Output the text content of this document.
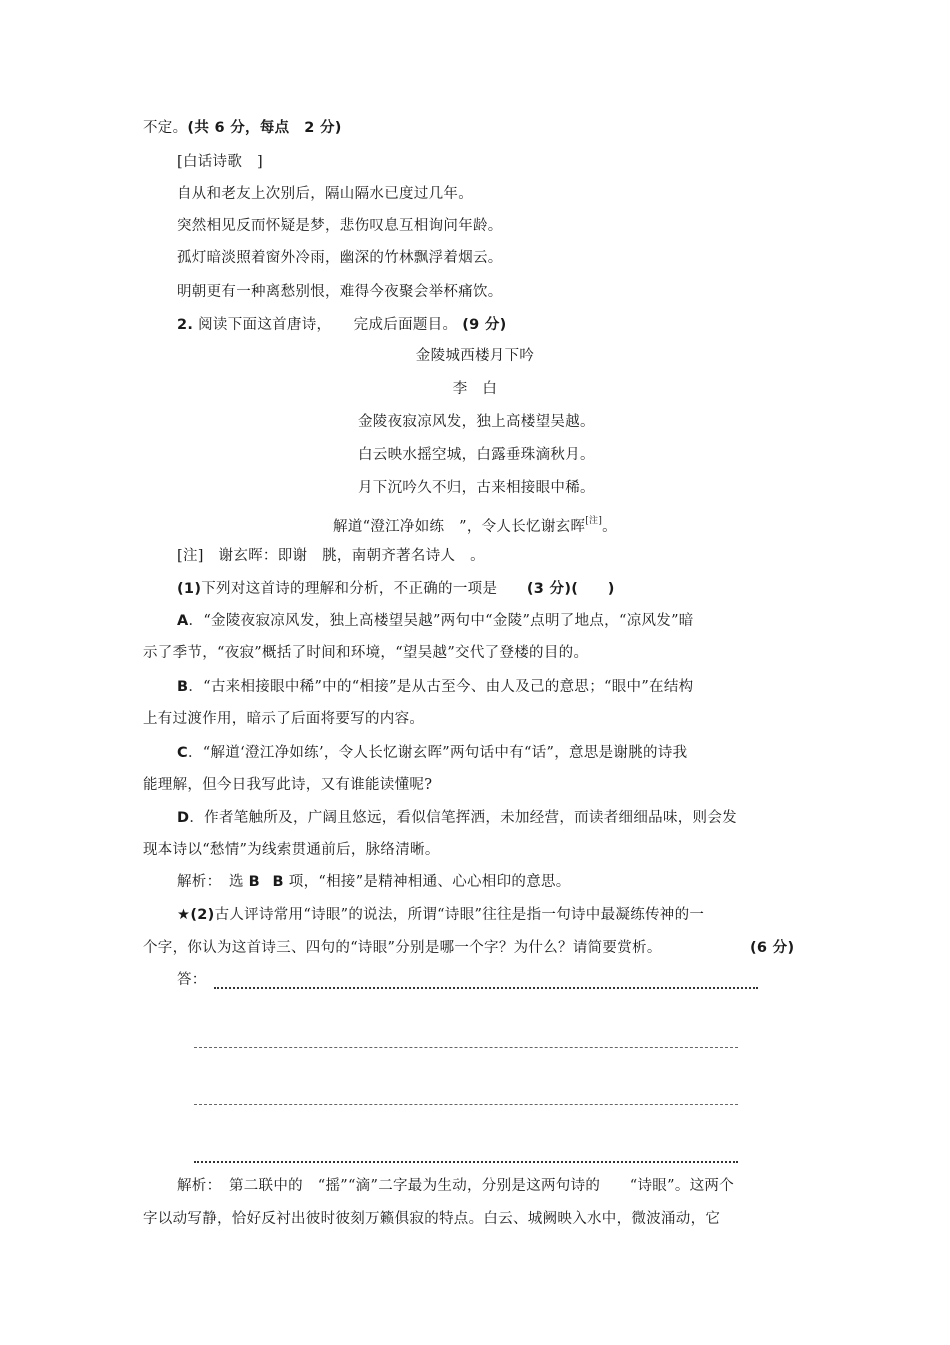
不定。(共 6 分，每点　2 分)
[白话诗歌　]
自从和老友上次别后，隔山隔水已度过几年。
突然相见反而怀疑是梦，悲伤叹息互相询问年龄。
孤灯暗淡照着窗外冷雨，幽深的竹林飘浮着烟云。
明朝更有一种离愁别恨，难得今夜聚会举杯痛饮。
2. 阅读下面这首唐诗，　　完成后面题目。 (9 分)
金陵城西楼月下吟
李　白
金陵夜寂凉风发，独上高楼望吴越。
白云映水摇空城，白露垂珠滴秋月。
月下沉吟久不归，古来相接眼中稀。
解道“澄江净如练　”，令人长忆谢玄晖[注]。
[注]　谢玄晖：即谢　朓，南朝齐著名诗人　。
(1)下列对这首诗的理解和分析，不正确的一项是　 (3 分)(　　)
A．“金陵夜寂凉风发，独上高楼望吴越”两句中“金陵”点明了地点，“凉风发”暗
示了季节，“夜寂”概括了时间和环境，“望吴越”交代了登楼的目的。
B．“古来相接眼中稀”中的“相接”是从古至今、由人及己的意思；“眼中”在结构
上有过渡作用，暗示了后面将要写的内容。
C．“解道‘澄江净如练’，令人长忆谢玄晖”两句话中有“话”，意思是谢朓的诗我
能理解，但今日我写此诗，又有谁能读懂呢?
D．作者笔触所及，广阔且悠远，看似信笔挥洒，未加经营，而读者细细品味，则会发
现本诗以“愁情”为线索贯通前后，脉络清晰。
解析：　选 B  B 项，“相接”是精神相通、心心相印的意思。
★(2)古人评诗常用“诗眼”的说法，所谓“诗眼”往往是指一句诗中最凝练传神的一
个字，你认为这首诗三、四句的“诗眼”分别是哪一个字？为什么？请简要赏析。	(6 分)
答：
解析：　第二联中的　“摇”“滴”二字最为生动，分别是这两句诗的　　“诗眼”。这两个
字以动写静，恰好反衬出彼时彼刻万籁俱寂的特点。白云、城阙映入水中，微波涌动，它
